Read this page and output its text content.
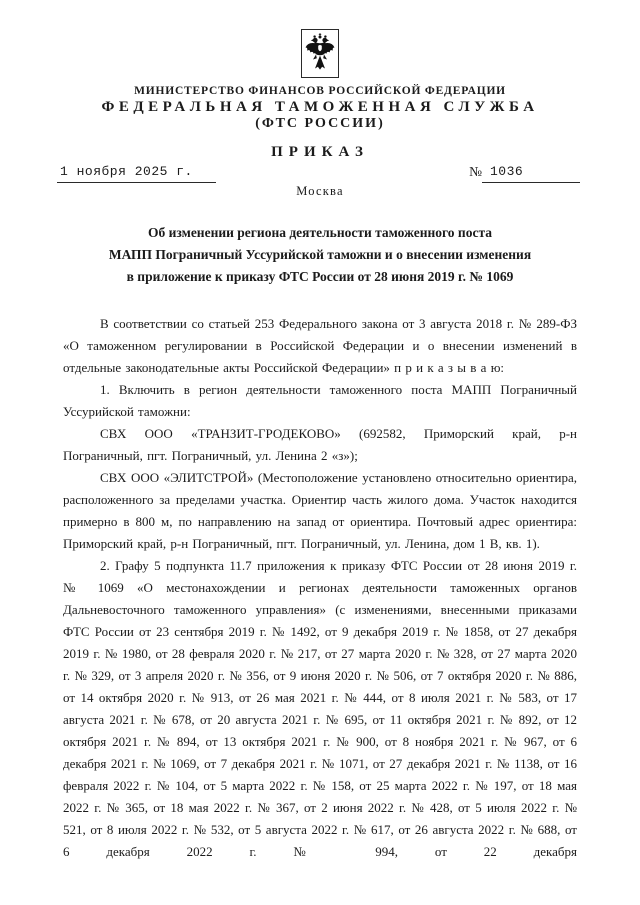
МИНИСТЕРСТВО ФИНАНСОВ РОССИЙСКОЙ ФЕДЕРАЦИИ
ФЕДЕРАЛЬНАЯ ТАМОЖЕННАЯ СЛУЖБА
(ФТС РОССИИ)
ПРИКАЗ
1 ноября 2025 г.	№ 1036
Москва
Об изменении региона деятельности таможенного поста
МАПП Пограничный Уссурийской таможни и о внесении изменения
в приложение к приказу ФТС России от 28 июня 2019 г. № 1069

В соответствии со статьей 253 Федерального закона от 3 августа 2018 г. № 289-ФЗ «О таможенном регулировании в Российской Федерации и о внесении изменений в отдельные законодательные акты Российской Федерации» п р и к а з ы в а ю:

1. Включить в регион деятельности таможенного поста МАПП Пограничный Уссурийской таможни:

СВХ ООО «ТРАНЗИТ-ГРОДЕКОВО» (692582, Приморский край, р-н Пограничный, пгт. Пограничный, ул. Ленина 2 «з»);

СВХ ООО «ЭЛИТСТРОЙ» (Местоположение установлено относительно ориентира, расположенного за пределами участка. Ориентир часть жилого дома. Участок находится примерно в 800 м, по направлению на запад от ориентира. Почтовый адрес ориентира: Приморский край, р-н Пограничный, пгт. Пограничный, ул. Ленина, дом 1 В, кв. 1).

2. Графу 5 подпункта 11.7 приложения к приказу ФТС России от 28 июня 2019 г. № 1069 «О местонахождении и регионах деятельности таможенных органов Дальневосточного таможенного управления» (с изменениями, внесенными приказами ФТС России от 23 сентября 2019 г. № 1492, от 9 декабря 2019 г. № 1858, от 27 декабря 2019 г. № 1980, от 28 февраля 2020 г. № 217, от 27 марта 2020 г. № 328, от 27 марта 2020 г. № 329, от 3 апреля 2020 г. № 356, от 9 июня 2020 г. № 506, от 7 октября 2020 г. № 886, от 14 октября 2020 г. № 913, от 26 мая 2021 г. № 444, от 8 июля 2021 г. № 583, от 17 августа 2021 г. № 678, от 20 августа 2021 г. № 695, от 11 октября 2021 г. № 892, от 12 октября 2021 г. № 894, от 13 октября 2021 г. № 900, от 8 ноября 2021 г. № 967, от 6 декабря 2021 г. № 1069, от 7 декабря 2021 г. № 1071, от 27 декабря 2021 г. № 1138, от 16 февраля 2022 г. № 104, от 5 марта 2022 г. № 158, от 25 марта 2022 г. № 197, от 18 мая 2022 г. № 365, от 18 мая 2022 г. № 367, от 2 июня 2022 г. № 428, от 5 июля 2022 г. № 521, от 8 июля 2022 г. № 532, от 5 августа 2022 г. № 617, от 26 августа 2022 г. № 688, от 6 декабря 2022 г. № 994, от 22 декабря
